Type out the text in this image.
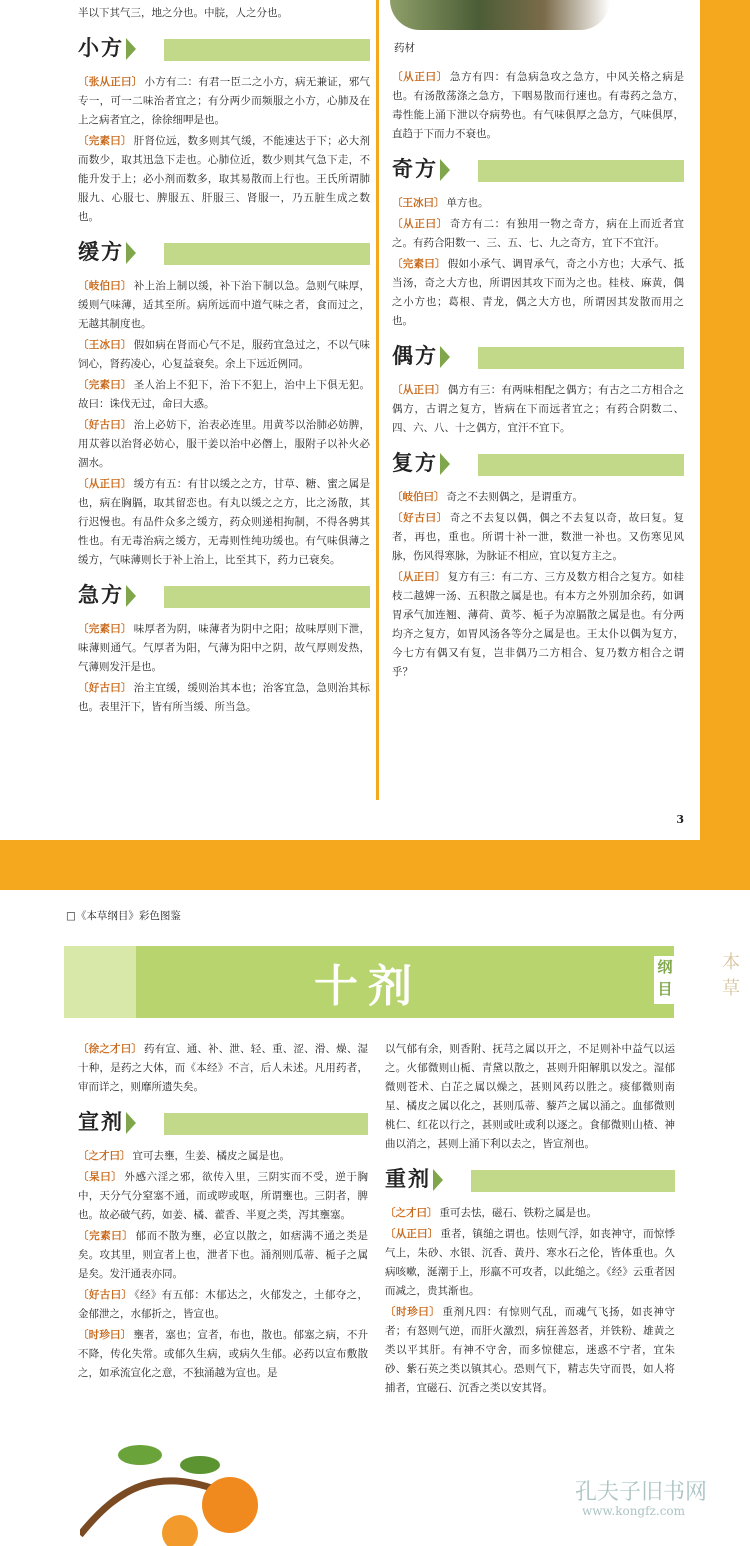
药材

半以下其气三，地之分也。中脘，人之分也。

小方

〔张从正曰〕 小方有二：有君一臣二之小方，病无兼证，邪气专一，可一二味治者宜之；有分两少而频服之小方，心肺及在上之病者宜之，徐徐细呷是也。

〔完素曰〕 肝肾位远，数多则其气缓，不能速达于下；必大剂而数少，取其迅急下走也。心肺位近，数少则其气急下走，不能升发于上；必小剂而数多，取其易散而上行也。王氏所谓肺服九、心服七、脾服五、肝服三、肾服一，乃五脏生成之数也。

缓方

〔岐伯曰〕 补上治上制以缓，补下治下制以急。急则气味厚，缓则气味薄，适其至所。病所远而中道气味之者，食而过之，无越其制度也。

〔王冰曰〕 假如病在肾而心气不足，服药宜急过之，不以气味饲心，肾药凌心，心复益衰矣。余上下远近例同。

〔完素曰〕 圣人治上不犯下，治下不犯上，治中上下俱无犯。故曰：诛伐无过，命曰大惑。

〔好古曰〕 治上必妨下，治表必连里。用黄芩以治肺必妨脾，用苁蓉以治肾必妨心，服干姜以治中必僭上，服附子以补火必涸水。

〔从正曰〕 缓方有五：有甘以缓之之方，甘草、糖、蜜之属是也，病在胸膈，取其留恋也。有丸以缓之之方，比之汤散，其行迟慢也。有品件众多之缓方，药众则递相拘制，不得各骋其性也。有无毒治病之缓方，无毒则性纯功缓也。有气味俱薄之缓方，气味薄则长于补上治上，比至其下，药力已衰矣。

急方

〔完素曰〕 味厚者为阴，味薄者为阴中之阳；故味厚则下泄，味薄则通气。气厚者为阳，气薄为阳中之阴，故气厚则发热，气薄则发汗是也。

〔好古曰〕 治主宜缓，缓则治其本也；治客宜急，急则治其标也。表里汗下，皆有所当缓、所当急。

〔从正曰〕 急方有四：有急病急攻之急方，中风关格之病是也。有汤散荡涤之急方，下咽易散而行速也。有毒药之急方，毒性能上涌下泄以夺病势也。有气味俱厚之急方，气味俱厚，直趋于下而力不衰也。

奇方

〔王冰曰〕 单方也。

〔从正曰〕 奇方有二：有独用一物之奇方，病在上而近者宜之。有药合阳数一、三、五、七、九之奇方，宜下不宜汗。

〔完素曰〕 假如小承气、调胃承气，奇之小方也；大承气、抵当汤，奇之大方也，所谓因其攻下而为之也。桂枝、麻黄，偶之小方也；葛根、青龙，偶之大方也，所谓因其发散而用之也。

偶方

〔从正曰〕 偶方有三：有两味相配之偶方；有古之二方相合之偶方，古谓之复方，皆病在下而远者宜之；有药合阴数二、四、六、八、十之偶方，宜汗不宜下。

复方

〔岐伯曰〕 奇之不去则偶之，是谓重方。

〔好古曰〕 奇之不去复以偶，偶之不去复以奇，故曰复。复者，再也，重也。所谓十补一泄，数泄一补也。又伤寒见风脉，伤风得寒脉，为脉证不相应，宜以复方主之。

〔从正曰〕 复方有三：有二方、三方及数方相合之复方。如桂枝二越婢一汤、五积散之属是也。有本方之外别加余药，如调胃承气加连翘、薄荷、黄芩、栀子为凉膈散之属是也。有分两均齐之复方，如胃风汤各等分之属是也。王太仆以偶为复方，今七方有偶又有复，岂非偶乃二方相合、复乃数方相合之谓乎？

3
□《本草纲目》彩色图鉴
十剂	纲目
本草

〔徐之才曰〕 药有宣、通、补、泄、轻、重、涩、滑、燥、湿十种，是药之大体，而《本经》不言，后人未述。凡用药者，审而详之，则靡所遗失矣。

宣剂

〔之才曰〕 宜可去壅，生姜、橘皮之属是也。

〔杲曰〕 外感六淫之邪，欲传入里，三阴实而不受，逆于胸中，天分气分窒塞不通，而或哕或呕，所谓壅也。三阴者，脾也。故必破气药，如姜、橘、藿香、半夏之类，泻其壅塞。

〔完素曰〕 郁而不散为壅，必宣以散之，如痞满不通之类是矣。攻其里，则宣者上也，泄者下也。涌剂则瓜蒂、栀子之属是矣。发汗通表亦同。

〔好古曰〕 《经》有五郁：木郁达之，火郁发之，土郁夺之，金郁泄之，水郁折之，皆宣也。

〔时珍曰〕 壅者，塞也；宣者，布也，散也。郁塞之病，不升不降，传化失常。或郁久生病，或病久生郁。必药以宣布敷散之，如承流宣化之意，不独涌越为宣也。是

以气郁有余，则香附、抚芎之属以开之，不足则补中益气以运之。火郁微则山栀、青黛以散之，甚则升阳解肌以发之。湿郁微则苍术、白芷之属以燥之，甚则风药以胜之。痰郁微则南星、橘皮之属以化之，甚则瓜蒂、藜芦之属以涌之。血郁微则桃仁、红花以行之，甚则或吐或利以逐之。食郁微则山楂、神曲以消之，甚则上涌下利以去之，皆宣剂也。

重剂

〔之才曰〕 重可去怯，磁石、铁粉之属是也。

〔从正曰〕 重者，镇缒之谓也。怯则气浮，如丧神守，而惊悸气上，朱砂、水银、沉香、黄丹、寒水石之伦，皆体重也。久病咳嗽，涎潮于上，形羸不可攻者，以此缒之。《经》云重者因而减之，贵其渐也。

〔时珍曰〕 重剂凡四：有惊则气乱，而魂气飞扬，如丧神守者；有怒则气逆，而肝火激烈，病狂善怒者，并铁粉、雄黄之类以平其肝。有神不守舍，而多惊健忘，迷惑不宁者，宜朱砂、紫石英之类以镇其心。恐则气下，精志失守而畏，如人将捕者，宜磁石、沉香之类以安其肾。

孔夫子旧书网
www.kongfz.com
